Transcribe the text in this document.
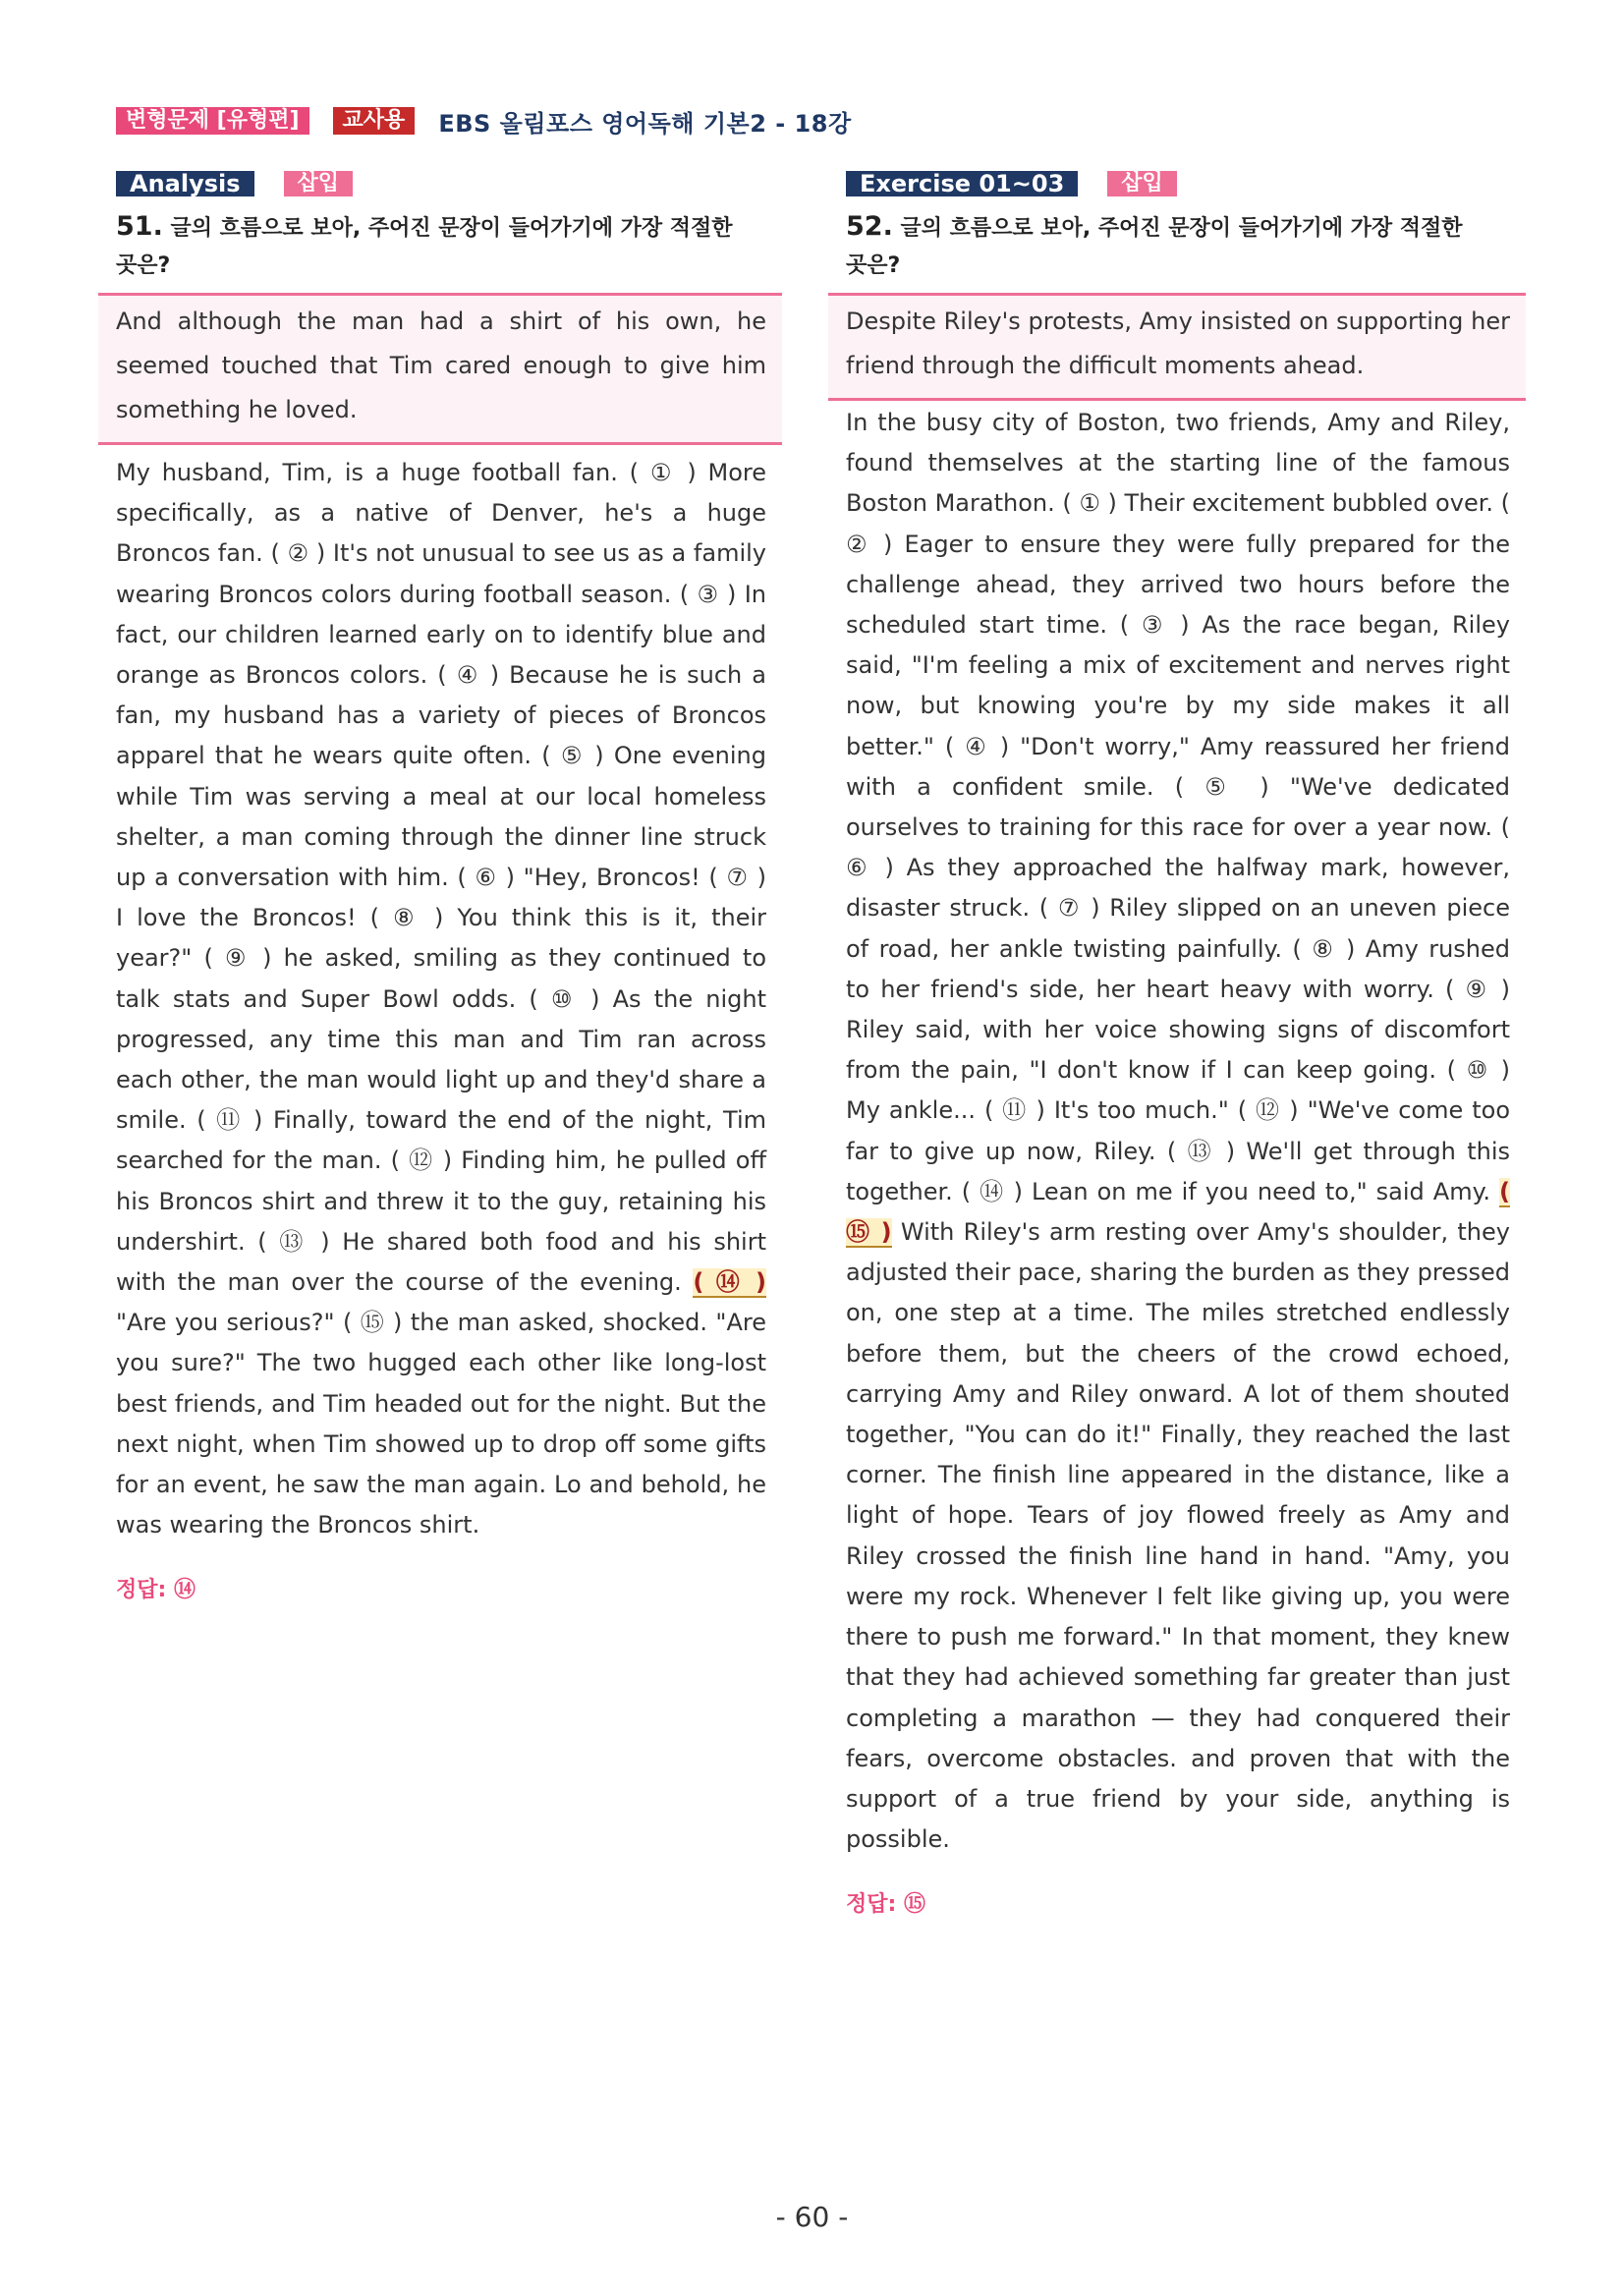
변형문제 [유형편]	교사용	EBS 올림포스 영어독해 기본2 - 18강
Analysis	삽입
51. 글의 흐름으로 보아, 주어진 문장이 들어가기에 가장 적절한 곳은?
And although the man had a shirt of his own, he seemed touched that Tim cared enough to give him something he loved.
My husband, Tim, is a huge football fan. ( ① ) More specifically, as a native of Denver, he's a huge Broncos fan. ( ② ) It's not unusual to see us as a family wearing Broncos colors during football season. ( ③ ) In fact, our children learned early on to identify blue and orange as Broncos colors. ( ④ ) Because he is such a fan, my husband has a variety of pieces of Broncos apparel that he wears quite often. ( ⑤ ) One evening while Tim was serving a meal at our local homeless shelter, a man coming through the dinner line struck up a conversation with him. ( ⑥ ) "Hey, Broncos! ( ⑦ ) I love the Broncos! ( ⑧ ) You think this is it, their year?" ( ⑨ ) he asked, smiling as they continued to talk stats and Super Bowl odds. ( ⑩ ) As the night progressed, any time this man and Tim ran across each other, the man would light up and they'd share a smile. ( ⑪ ) Finally, toward the end of the night, Tim searched for the man. ( ⑫ ) Finding him, he pulled off his Broncos shirt and threw it to the guy, retaining his undershirt. ( ⑬ ) He shared both food and his shirt with the man over the course of the evening. ( ⑭ ) "Are you serious?" ( ⑮ ) the man asked, shocked. "Are you sure?" The two hugged each other like long-lost best friends, and Tim headed out for the night. But the next night, when Tim showed up to drop off some gifts for an event, he saw the man again. Lo and behold, he was wearing the Broncos shirt.
정답: ⑭
Exercise 01~03	삽입
52. 글의 흐름으로 보아, 주어진 문장이 들어가기에 가장 적절한 곳은?
Despite Riley's protests, Amy insisted on supporting her friend through the difficult moments ahead.
In the busy city of Boston, two friends, Amy and Riley, found themselves at the starting line of the famous Boston Marathon. ( ① ) Their excitement bubbled over. ( ② ) Eager to ensure they were fully prepared for the challenge ahead, they arrived two hours before the scheduled start time. ( ③ ) As the race began, Riley said, "I'm feeling a mix of excitement and nerves right now, but knowing you're by my side makes it all better." ( ④ ) "Don't worry," Amy reassured her friend with a confident smile. ( ⑤ ) "We've dedicated ourselves to training for this race for over a year now. ( ⑥ ) As they approached the halfway mark, however, disaster struck. ( ⑦ ) Riley slipped on an uneven piece of road, her ankle twisting painfully. ( ⑧ ) Amy rushed to her friend's side, her heart heavy with worry. ( ⑨ ) Riley said, with her voice showing signs of discomfort from the pain, "I don't know if I can keep going. ( ⑩ ) My ankle... ( ⑪ ) It's too much." ( ⑫ ) "We've come too far to give up now, Riley. ( ⑬ ) We'll get through this together. ( ⑭ ) Lean on me if you need to," said Amy. ( ⑮ ) With Riley's arm resting over Amy's shoulder, they adjusted their pace, sharing the burden as they pressed on, one step at a time. The miles stretched endlessly before them, but the cheers of the crowd echoed, carrying Amy and Riley onward. A lot of them shouted together, "You can do it!" Finally, they reached the last corner. The finish line appeared in the distance, like a light of hope. Tears of joy flowed freely as Amy and Riley crossed the finish line hand in hand. "Amy, you were my rock. Whenever I felt like giving up, you were there to push me forward." In that moment, they knew that they had achieved something far greater than just completing a marathon — they had conquered their fears, overcome obstacles. and proven that with the support of a true friend by your side, anything is possible.
정답: ⑮
- 60 -
